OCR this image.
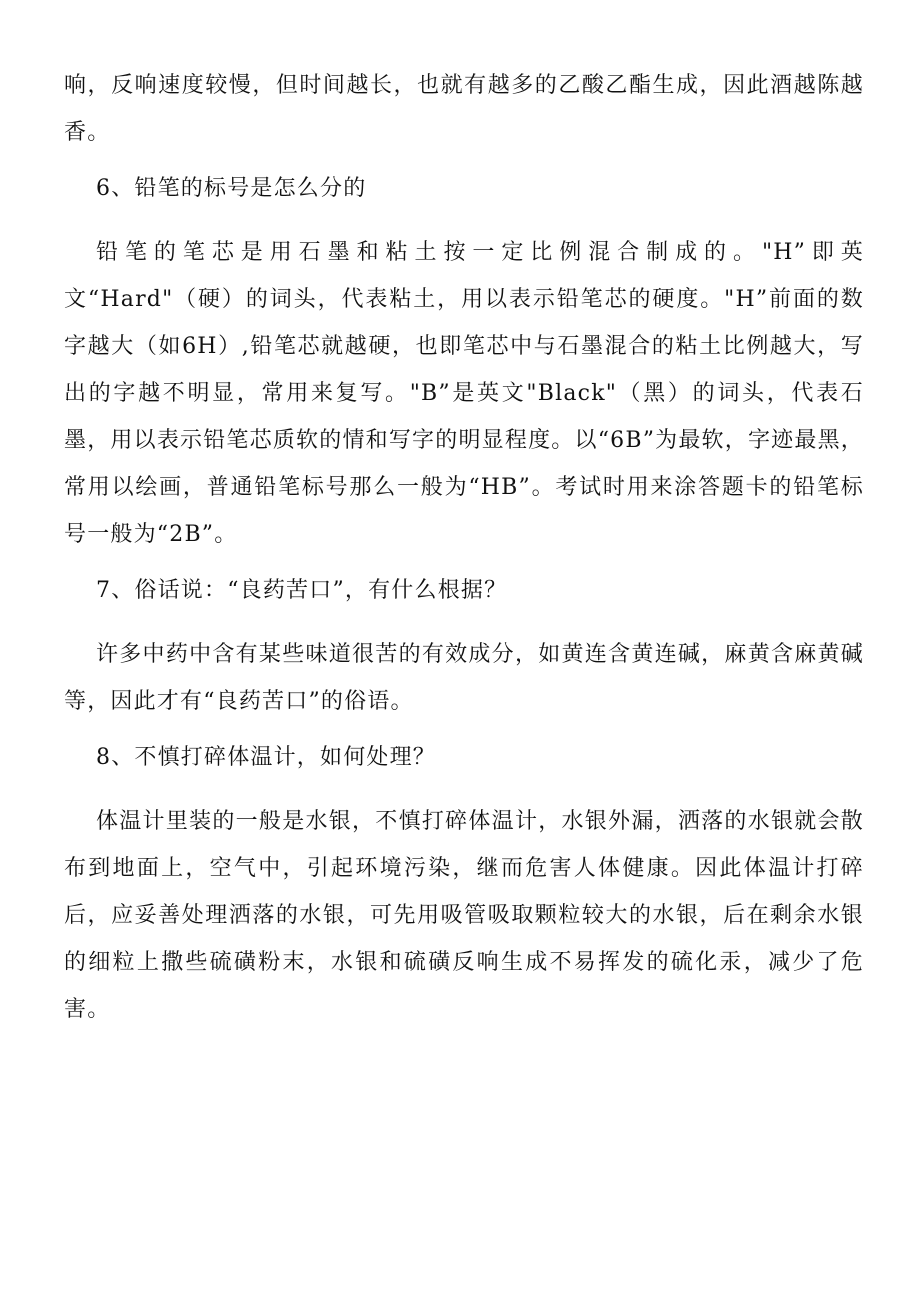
响，反响速度较慢，但时间越长，也就有越多的乙酸乙酯生成，因此酒越陈越香。

6、铅笔的标号是怎么分的

铅笔的笔芯是用石墨和粘土按一定比例混合制成的。"H”即英文“Hard"（硬）的词头，代表粘土，用以表示铅笔芯的硬度。"H”前面的数字越大（如6H）,铅笔芯就越硬，也即笔芯中与石墨混合的粘土比例越大，写出的字越不明显，常用来复写。"B”是英文"Black"（黑）的词头，代表石墨，用以表示铅笔芯质软的情和写字的明显程度。以“6B”为最软，字迹最黑，常用以绘画，普通铅笔标号那么一般为“HB”。考试时用来涂答题卡的铅笔标号一般为“2B”。

7、俗话说：“良药苦口”，有什么根据？

许多中药中含有某些味道很苦的有效成分，如黄连含黄连碱，麻黄含麻黄碱等，因此才有“良药苦口”的俗语。

8、不慎打碎体温计，如何处理？

体温计里装的一般是水银，不慎打碎体温计，水银外漏，洒落的水银就会散布到地面上，空气中，引起环境污染，继而危害人体健康。因此体温计打碎后，应妥善处理洒落的水银，可先用吸管吸取颗粒较大的水银，后在剩余水银的细粒上撒些硫磺粉末，水银和硫磺反响生成不易挥发的硫化汞，减少了危害。
